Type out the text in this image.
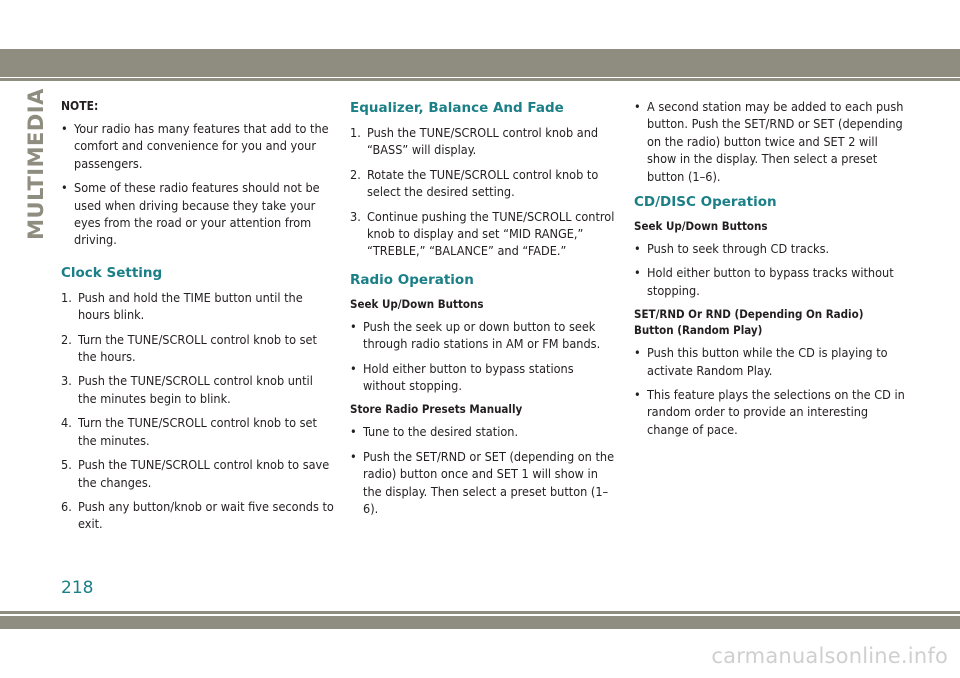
MULTIMEDIA NOTE:
• Your radio has many features that add to the comfort and convenience for you and your passengers.
• Some of these radio features should not be used when driving because they take your eyes from the road or your attention from driving.
Clock Setting
1. Push and hold the TIME button until the hours blink.
2. Turn the TUNE/SCROLL control knob to set the hours.
3. Push the TUNE/SCROLL control knob until the minutes begin to blink.
4. Turn the TUNE/SCROLL control knob to set the minutes.
5. Push the TUNE/SCROLL control knob to save the changes.
6. Push any button/knob or wait five seconds to exit.
Equalizer, Balance And Fade
1. Push the TUNE/SCROLL control knob and “BASS” will display.
2. Rotate the TUNE/SCROLL control knob to select the desired setting.
3. Continue pushing the TUNE/SCROLL control knob to display and set “MID RANGE,” “TREBLE,” “BALANCE” and “FADE.”
Radio Operation
Seek Up/Down Buttons
• Push the seek up or down button to seek through radio stations in AM or FM bands.
• Hold either button to bypass stations without stopping.
Store Radio Presets Manually
• Tune to the desired station.
• Push the SET/RND or SET (depending on the radio) button once and SET 1 will show in the display. Then select a preset button (1–6).
• A second station may be added to each push button. Push the SET/RND or SET (depending on the radio) button twice and SET 2 will show in the display. Then select a preset button (1–6).
CD/DISC Operation
Seek Up/Down Buttons
• Push to seek through CD tracks.
• Hold either button to bypass tracks without stopping.
SET/RND Or RND (Depending On Radio) Button (Random Play)
• Push this button while the CD is playing to activate Random Play.
• This feature plays the selections on the CD in random order to provide an interesting change of pace.
218
carmanualsonline.info
